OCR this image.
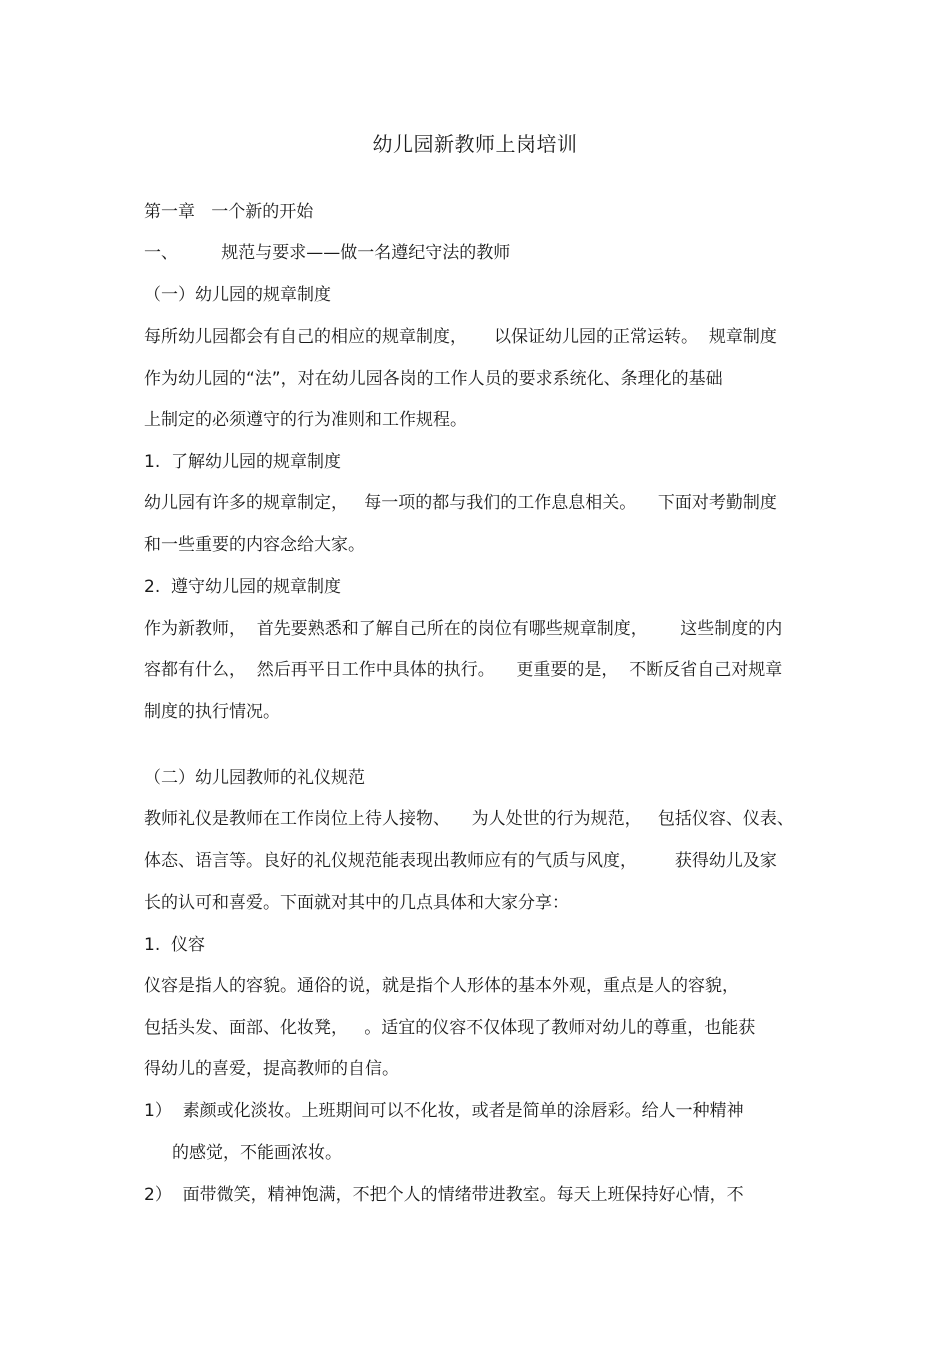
幼儿园新教师上岗培训
第一章   一个新的开始
一、        规范与要求——做一名遵纪守法的教师
（一）幼儿园的规章制度
每所幼儿园都会有自己的相应的规章制度，     以保证幼儿园的正常运转。  规章制度
作为幼儿园的“法”，对在幼儿园各岗的工作人员的要求系统化、条理化的基础
上制定的必须遵守的行为准则和工作规程。
1.  了解幼儿园的规章制度
幼儿园有许多的规章制定，   每一项的都与我们的工作息息相关。    下面对考勤制度
和一些重要的内容念给大家。
2.  遵守幼儿园的规章制度
作为新教师，  首先要熟悉和了解自己所在的岗位有哪些规章制度，      这些制度的内
容都有什么，  然后再平日工作中具体的执行。    更重要的是，  不断反省自己对规章
制度的执行情况。
（二）幼儿园教师的礼仪规范
教师礼仪是教师在工作岗位上待人接物、    为人处世的行为规范，   包括仪容、仪表、
体态、语言等。良好的礼仪规范能表现出教师应有的气质与风度，       获得幼儿及家
长的认可和喜爱。下面就对其中的几点具体和大家分享：
1.  仪容
仪容是指人的容貌。通俗的说，就是指个人形体的基本外观，重点是人的容貌，
包括头发、面部、化妆凳，   。适宜的仪容不仅体现了教师对幼儿的尊重，也能获
得幼儿的喜爱，提高教师的自信。
1）  素颜或化淡妆。上班期间可以不化妆，或者是简单的涂唇彩。给人一种精神
的感觉，不能画浓妆。
2）  面带微笑，精神饱满，不把个人的情绪带进教室。每天上班保持好心情，不
